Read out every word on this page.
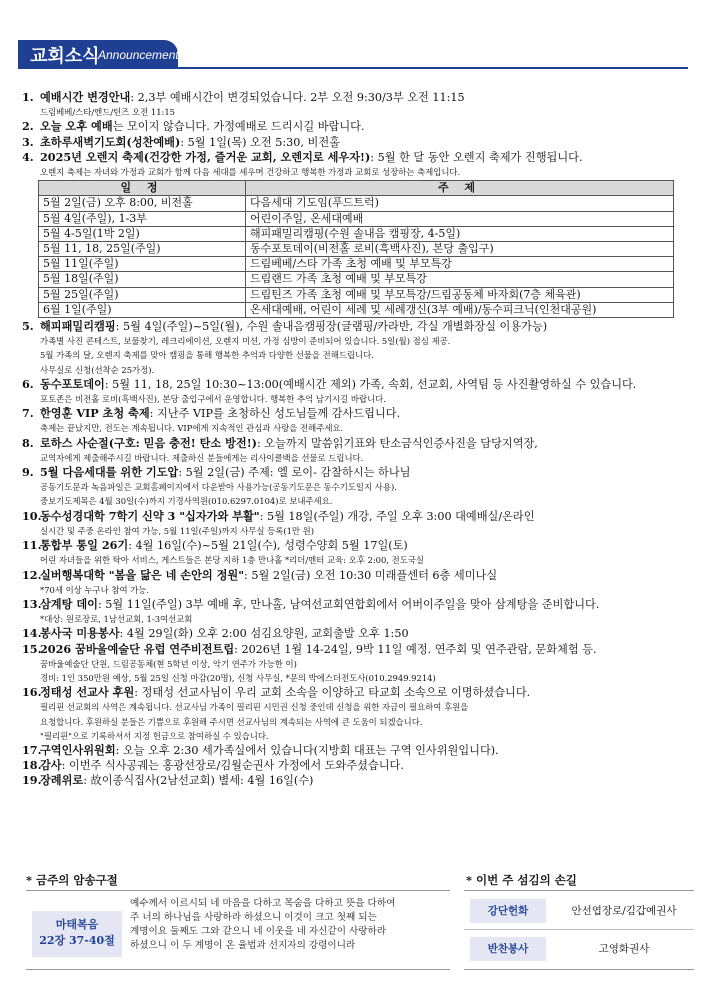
교회소식
Announcement
1. 예배시간 변경안내: 2,3부 예배시간이 변경되었습니다. 2부 오전 9:30/3부 오전 11:15
드림베베/스타/엔드/틴즈 오전 11:15
2. 오늘 오후 예배는 모이지 않습니다. 가정예배로 드리시길 바랍니다.
3. 초하루새벽기도회(성찬예배): 5월 1일(목) 오전 5:30, 비전홀
4. 2025년 오렌지 축제(건강한 가정, 즐거운 교회, 오렌지로 세우자!): 5월 한 달 동안 오렌지 축제가 진행됩니다.
오렌지 축제는 자녀와 가정과 교회가 함께 다음 세대를 세우며 건강하고 행복한 가정과 교회로 성장하는 축제입니다.
일 정	주 제
5월 2일(금) 오후 8:00, 비전홀	다음세대 기도임(푸드트럭)
5월 4일(주일), 1-3부	어린이주일, 온세대예배
5월 4-5일(1박 2일)	해피패밀리캠핑(수원 솔내음 캠핑장, 4-5일)
5월 11, 18, 25일(주일)	동수포토데이(비전홀 로비(흑백사진), 본당 출입구)
5월 11일(주일)	드림베베/스타 가족 초청 예배 및 부모특강
5월 18일(주일)	드림랜드 가족 초청 예배 및 부모특강
5월 25일(주일)	드림틴즈 가족 초청 예배 및 부모특강/드림공동체 바자회(7층 체육관)
6월 1일(주일)	온세대예배, 어린이 세례 및 세례갱신(3부 예배)/동수피크닉(인천대공원)
5. 해피패밀리캠핑: 5월 4일(주일)~5일(월), 수원 솔내음캠핑장(글램핑/카라반, 각실 개별화장실 이용가능)
가족별 사진 콘테스트, 보물찾기, 레크리에이션, 오렌지 미션, 가정 심방이 준비되어 있습니다. 5일(월) 점심 제공.
5월 가족의 달, 오렌지 축제를 맞아 캠핑을 통해 행복한 추억과 다양한 선물을 전해드립니다.
사무실로 신청(선착순 25가정).
6. 동수포토데이: 5월 11, 18, 25일 10:30~13:00(예배시간 제외) 가족, 속회, 선교회, 사역팀 등 사진촬영하실 수 있습니다.
포토존은 비전홀 로비(흑백사진), 본당 출입구에서 운영합니다. 행복한 추억 남기시길 바랍니다.
7. 한영훈 VIP 초청 축제: 지난주 VIP를 초청하신 성도님들께 감사드립니다.
축제는 끝났지만, 전도는 계속됩니다. VIP에게 지속적인 관심과 사랑을 전해주세요.
8. 로하스 사순절(구호: 믿음 충전! 탄소 방전!): 오늘까지 말씀읽기표와 탄소금식인증사진을 담당지역장,
교역자에게 제출해주시길 바랍니다. 제출하신 분들에게는 리사이클백을 선물로 드립니다.
9. 5월 다음세대를 위한 기도압: 5월 2일(금) 주제: 엘 로이- 감찰하시는 하나님
공동기도문과 녹음파일은 교회홈페이지에서 다운받아 사용가능(공동기도문은 동수기도일지 사용).
중보기도제목은 4월 30일(수)까지 기경사역원(010.6297.0104)로 보내주세요.
10.동수성경대학 7학기 신약 3 "십자가와 부활": 5월 18일(주일) 개강, 주일 오후 3:00 대예배실/온라인
실시간 및 주중 온라인 참여 가능, 5월 11일(주일)까지 사무실 등록(1만 원)
11.통합부 통일 26기: 4월 16일(수)~5월 21일(수), 성령수양회 5월 17일(토)
어린 자녀들을 위한 탁아 서비스, 게스트들은 본당 지하 1층 만나홀 *리더/멘터 교육: 오후 2:00, 전도국실
12.실버행복대학 "봄을 닮은 네 손안의 정원": 5월 2일(금) 오전 10:30 미래플센터 6층 세미나실
*70세 이상 누구나 참여 가능.
13.삼계탕 데이: 5월 11일(주일) 3부 예배 후, 만나홀, 남여선교회연합회에서 어버이주일을 맞아 삼계탕을 준비합니다.
*대상: 원로장로, 1남선교회, 1-3여선교회
14.봉사국 미용봉사: 4월 29일(화) 오후 2:00 섬김요양원, 교회출발 오후 1:50
15.2026 꿈바울예술단 유럽 연주비전트립: 2026년 1월 14-24일, 9박 11일 예정. 연주회 및 연주관람, 문화체험 등.
꿈바울예술단 단원, 드림공동체(현 5학년 이상, 악기 연주가 가능한 이)
경비: 1인 350만원 예상, 5월 25일 신청 마감(20명), 신청 사무실, *문의 박에스더전도사(010.2949.9214)
16.정태성 선교사 후원: 정태성 선교사님이 우리 교회 소속을 이양하고 타교회 소속으로 이명하셨습니다.
필리핀 선교회의 사역은 계속됩니다. 선교사님 가족이 필리핀 시민권 신청 중인데 신청을 위한 자금이 필요하여 후원을
요청합니다. 후원하실 분들은 기쁨으로 후원해 주시면 선교사님의 계속되는 사역에 큰 도움이 되겠습니다.
"필리핀"으로 기록하셔서 지정 헌금으로 참여하실 수 있습니다.
17.구역인사위원회: 오늘 오후 2:30 세가족실에서 있습니다(지방회 대표는 구역 인사위원입니다).
18.감사: 이번주 식사공궤는 홍광선장로/김월순권사 가정에서 도와주셨습니다.
19.장례위로: 故이종식집사(2남선교회) 별세: 4월 16일(수)
* 금주의 암송구절
마태복음
22장 37-40절
예수께서 이르시되 네 마음을 다하고 목숨을 다하고 뜻을 다하여
주 너의 하나님을 사랑하라 하셨으니 이것이 크고 첫째 되는
계명이요 둘째도 그와 같으니 네 이웃을 네 자신같이 사랑하라
하셨으니 이 두 계명이 온 율법과 선지자의 강령이니라
* 이번 주 섬김의 손길
강단헌화	안선엽장로/김갑예권사
반찬봉사	고영화권사
